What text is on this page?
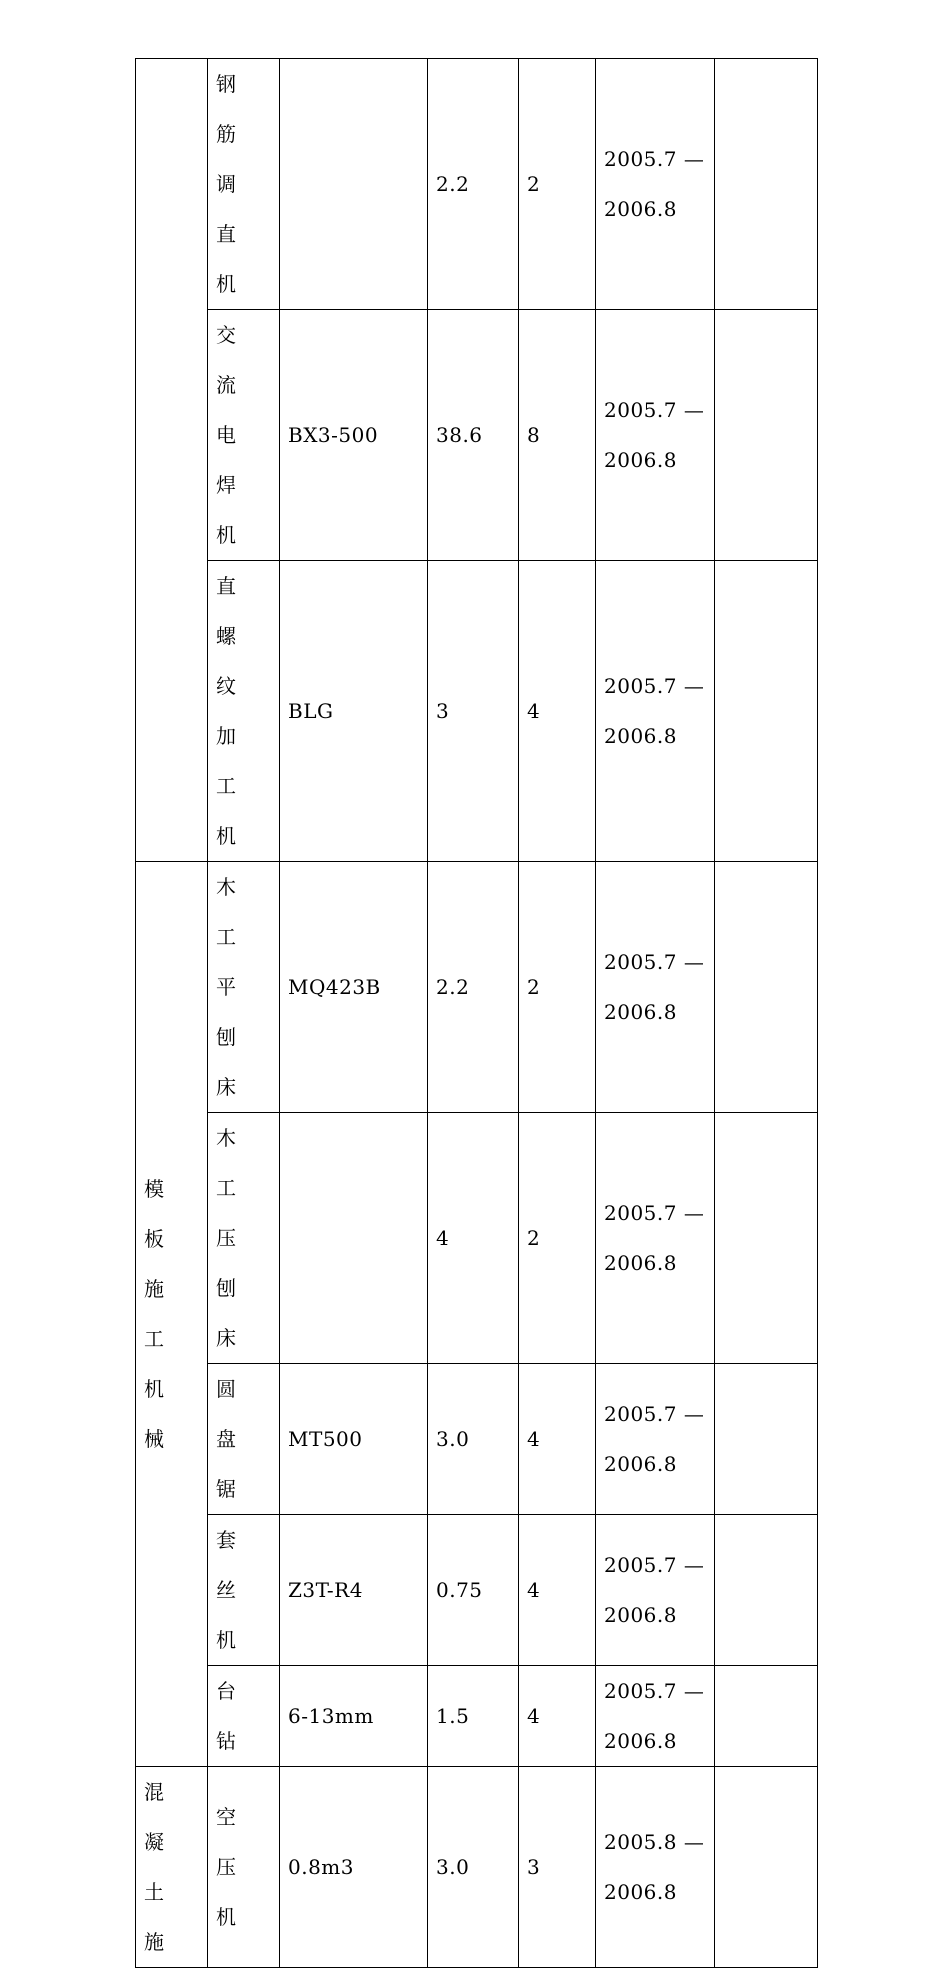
	钢筋调直机		2.2	2	2005.7 —
2006.8	

	交流电焊机	BX3-500	38.6	8	2005.7 —
2006.8	

	直螺纹加工机	BLG	3	4	2005.7 —
2006.8	

模板施工机械	木工平刨床	MQ423B	2.2	2	2005.7 —
2006.8	

	木工压刨床		4	2	2005.7 —
2006.8	

	圆盘锯	MT500	3.0	4	2005.7 —
2006.8	

	套丝机	Z3T-R4	0.75	4	2005.7 —
2006.8	

	台钻	6-13mm	1.5	4	2005.7 —
2006.8	

混凝土施	空压机	0.8m3	3.0	3	2005.8 —
2006.8	
